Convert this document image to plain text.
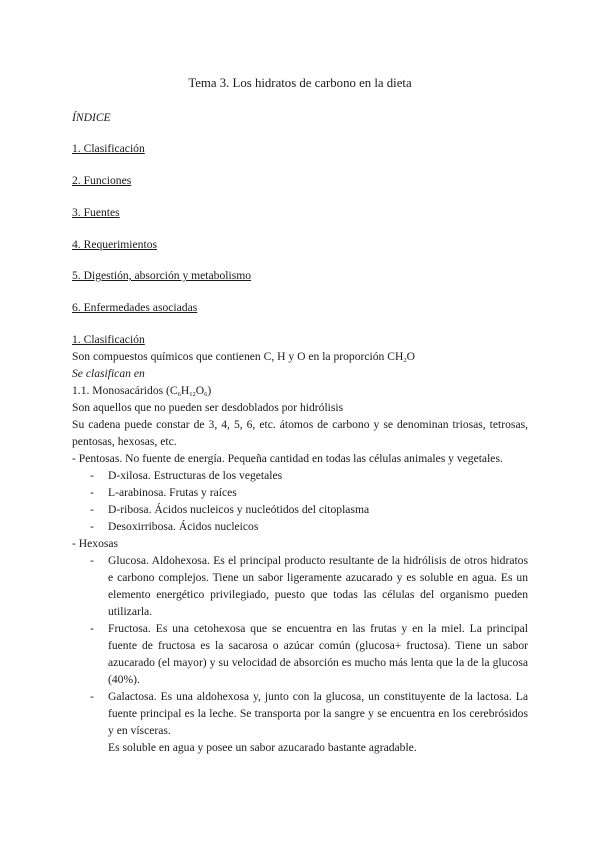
Tema 3. Los hidratos de carbono en la dieta
ÍNDICE
1. Clasificación
2. Funciones
3. Fuentes
4. Requerimientos
5. Digestión, absorción y metabolismo
6. Enfermedades asociadas
1. Clasificación
Son compuestos químicos que contienen C, H y O en la proporción $CH_2O$
Se clasifican en
1.1. Monosacáridos $(C_6H_{12}O_6)$
Son aquellos que no pueden ser desdoblados por hidrólisis
Su cadena puede constar de 3, 4, 5, 6, etc. átomos de carbono y se denominan triosas, tetrosas, pentosas, hexosas, etc.
- Pentosas. No fuente de energía. Pequeña cantidad en todas las células animales y vegetales.
- D-xilosa. Estructuras de los vegetales
- L-arabinosa. Frutas y raíces
- D-ribosa. Ácidos nucleicos y nucleótidos del citoplasma
- Desoxirribosa. Ácidos nucleicos
- Hexosas
- Glucosa. Aldohexosa. Es el principal producto resultante de la hidrólisis de otros hidratos e carbono complejos. Tiene un sabor ligeramente azucarado y es soluble en agua. Es un elemento energético privilegiado, puesto que todas las células del organismo pueden utilizarla.
- Fructosa. Es una cetohexosa que se encuentra en las frutas y en la miel. La principal fuente de fructosa es la sacarosa o azúcar común (glucosa+ fructosa). Tiene un sabor azucarado (el mayor) y su velocidad de absorción es mucho más lenta que la de la glucosa (40%).
- Galactosa. Es una aldohexosa y, junto con la glucosa, un constituyente de la lactosa. La fuente principal es la leche. Se transporta por la sangre y se encuentra en los cerebrósidos y en vísceras.
Es soluble en agua y posee un sabor azucarado bastante agradable.
